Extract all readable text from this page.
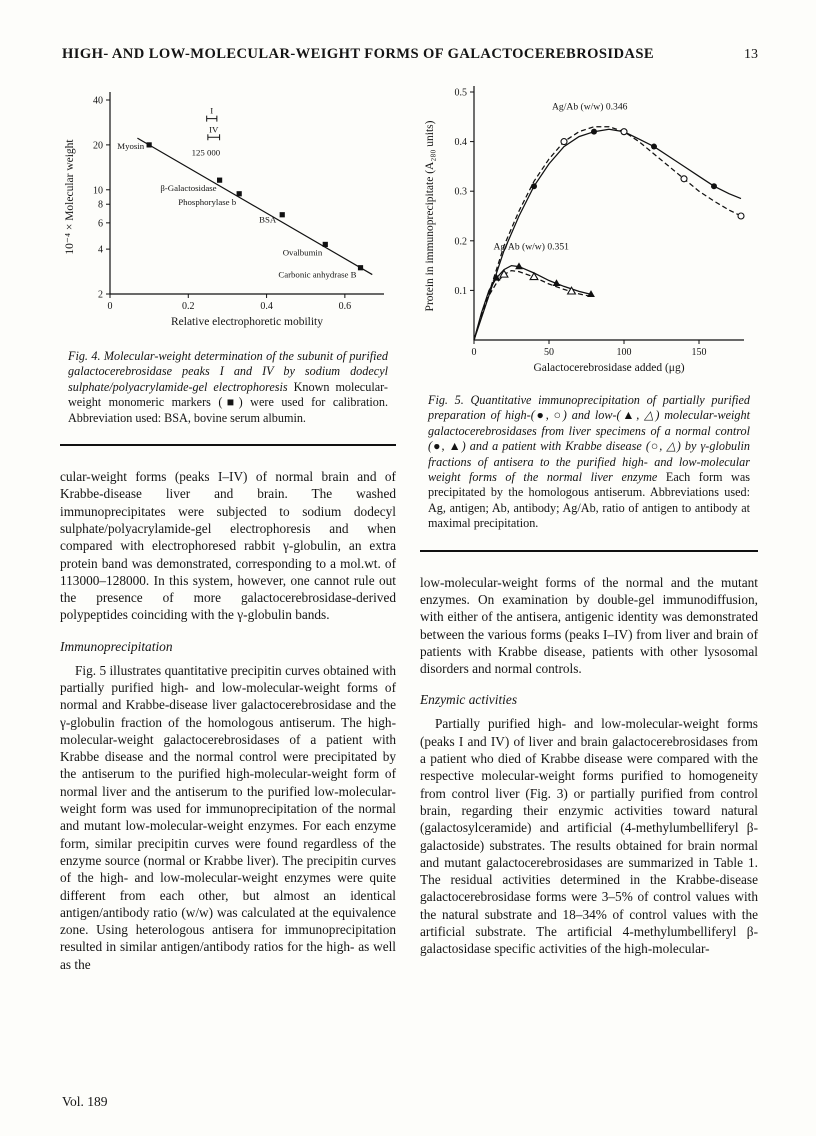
HIGH- AND LOW-MOLECULAR-WEIGHT FORMS OF GALACTOCEREBROSIDASE	13
2
4
6
8
10
20
40
0	0.2	0.4	0.6
Myosin
β-Galactosidase
Phosphorylase b
BSA
Ovalbumin
Carbonic anhydrase B
I
IV
125 000
Relative electrophoretic mobility
10⁻⁴ × Molecular weight
Fig. 4. Molecular-weight determination of the subunit of purified galactocerebrosidase peaks I and IV by sodium dodecyl sulphate/polyacrylamide-gel electrophoresis Known molecular-weight monomeric markers (■) were used for calibration. Abbreviation used: BSA, bovine serum albumin.

cular-weight forms (peaks I–IV) of normal brain and of Krabbe-disease liver and brain. The washed immunoprecipitates were subjected to sodium dodecyl sulphate/polyacrylamide-gel electrophoresis and when compared with electrophoresed rabbit γ-globulin, an extra protein band was demonstrated, corresponding to a mol.wt. of 113000–128000. In this system, however, one cannot rule out the presence of more galactocerebrosidase-derived polypeptides coinciding with the γ-globulin bands.

Immunoprecipitation

Fig. 5 illustrates quantitative precipitin curves obtained with partially purified high- and low-molecular-weight forms of normal and Krabbe-disease liver galactocerebrosidase and the γ-globulin fraction of the homologous antiserum. The high-molecular-weight galactocerebrosidases of a patient with Krabbe disease and the normal control were precipitated by the antiserum to the purified high-molecular-weight form of normal liver and the antiserum to the purified low-molecular-weight form was used for immunoprecipitation of the normal and mutant low-molecular-weight enzymes. For each enzyme form, similar precipitin curves were found regardless of the enzyme source (normal or Krabbe liver). The precipitin curves of the high- and low-molecular-weight enzymes were quite different from each other, but almost an identical antigen/antibody ratio (w/w) was calculated at the equivalence zone. Using heterologous antisera for immunoprecipitation resulted in similar antigen/antibody ratios for the high- as well as the

0.1
0.2
0.3
0.4
0.5
0	50	100	150
Ag/Ab (w/w) 0.346
Ag/Ab (w/w) 0.351
Galactocerebrosidase added (μg)
Protein in immunoprecipitate (A₂₈₀ units)
Fig. 5. Quantitative immunoprecipitation of partially purified preparation of high-(●, ○) and low-(▲, △) molecular-weight galactocerebrosidases from liver specimens of a normal control (●, ▲) and a patient with Krabbe disease (○, △) by γ-globulin fractions of antisera to the purified high- and low-molecular weight forms of the normal liver enzyme Each form was precipitated by the homologous antiserum. Abbreviations used: Ag, antigen; Ab, antibody; Ag/Ab, ratio of antigen to antibody at maximal precipitation.

low-molecular-weight forms of the normal and the mutant enzymes. On examination by double-gel immunodiffusion, with either of the antisera, antigenic identity was demonstrated between the various forms (peaks I–IV) from liver and brain of patients with Krabbe disease, patients with other lysosomal disorders and normal controls.

Enzymic activities

Partially purified high- and low-molecular-weight forms (peaks I and IV) of liver and brain galactocerebrosidases from a patient who died of Krabbe disease were compared with the respective molecular-weight forms purified to homogeneity from control liver (Fig. 3) or partially purified from control brain, regarding their enzymic activities toward natural (galactosylceramide) and artificial (4-methylumbelliferyl β-galactoside) substrates. The results obtained for brain normal and mutant galactocerebrosidases are summarized in Table 1. The residual activities determined in the Krabbe-disease galactocerebrosidase forms were 3–5% of control values with the natural substrate and 18–34% of control values with the artificial substrate. The artificial 4-methylumbelliferyl β-galactosidase specific activities of the high-molecular-

Vol. 189
